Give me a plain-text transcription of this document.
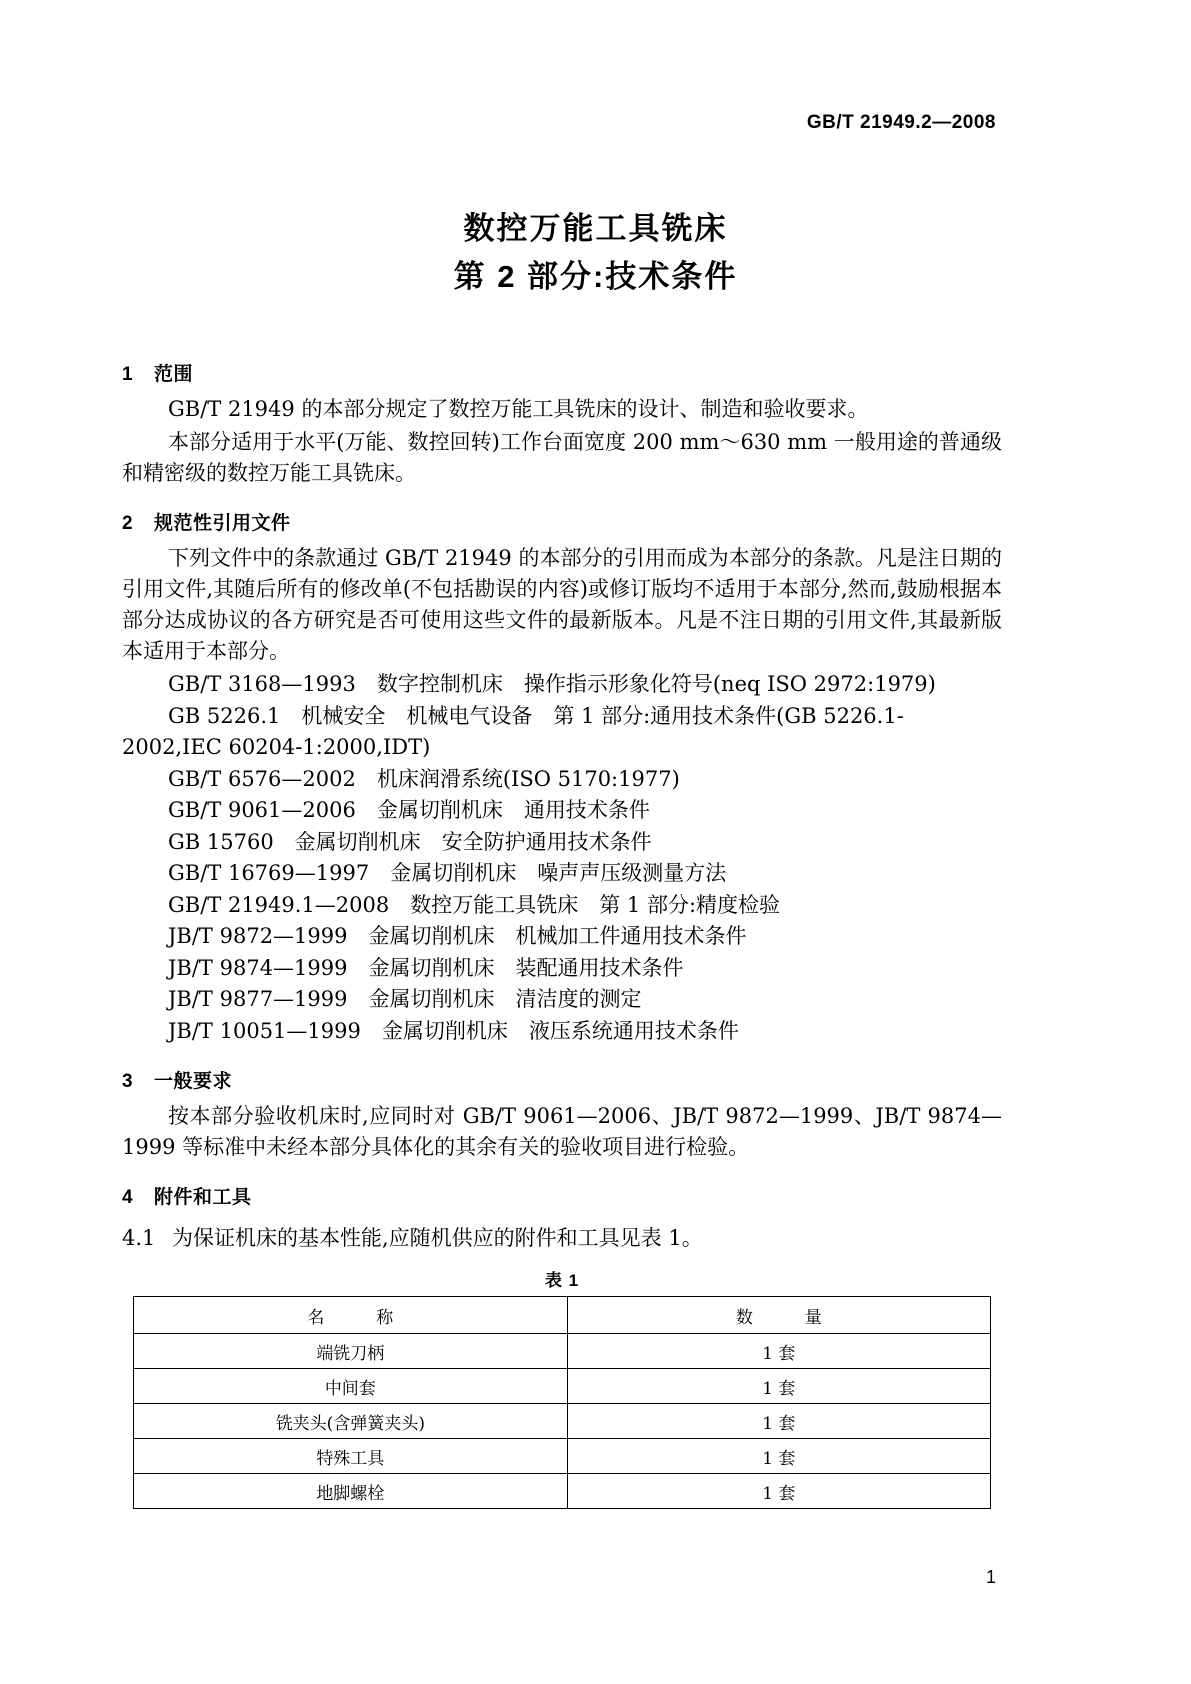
GB/T 21949.2—2008
数控万能工具铣床
第 2 部分:技术条件
1 范围

GB/T 21949 的本部分规定了数控万能工具铣床的设计、制造和验收要求。

本部分适用于水平(万能、数控回转)工作台面宽度 200 mm～630 mm 一般用途的普通级和精密级的数控万能工具铣床。

2 规范性引用文件

下列文件中的条款通过 GB/T 21949 的本部分的引用而成为本部分的条款。凡是注日期的引用文件,其随后所有的修改单(不包括勘误的内容)或修订版均不适用于本部分,然而,鼓励根据本部分达成协议的各方研究是否可使用这些文件的最新版本。凡是不注日期的引用文件,其最新版本适用于本部分。

GB/T 3168—1993　数字控制机床　操作指示形象化符号(neq ISO 2972:1979)

GB 5226.1　机械安全　机械电气设备　第 1 部分:通用技术条件(GB 5226.1-2002,IEC 60204-1:2000,IDT)

GB/T 6576—2002　机床润滑系统(ISO 5170:1977)

GB/T 9061—2006　金属切削机床　通用技术条件

GB 15760　金属切削机床　安全防护通用技术条件

GB/T 16769—1997　金属切削机床　噪声声压级测量方法

GB/T 21949.1—2008　数控万能工具铣床　第 1 部分:精度检验

JB/T 9872—1999　金属切削机床　机械加工件通用技术条件

JB/T 9874—1999　金属切削机床　装配通用技术条件

JB/T 9877—1999　金属切削机床　清洁度的测定

JB/T 10051—1999　金属切削机床　液压系统通用技术条件

3 一般要求

按本部分验收机床时,应同时对 GB/T 9061—2006、JB/T 9872—1999、JB/T 9874—1999 等标准中未经本部分具体化的其余有关的验收项目进行检验。

4 附件和工具

4.1 为保证机床的基本性能,应随机供应的附件和工具见表 1。

表 1
名　　称	数　　量
端铣刀柄	1 套
中间套	1 套
铣夹头(含弹簧夹头)	1 套
特殊工具	1 套
地脚螺栓	1 套
1
